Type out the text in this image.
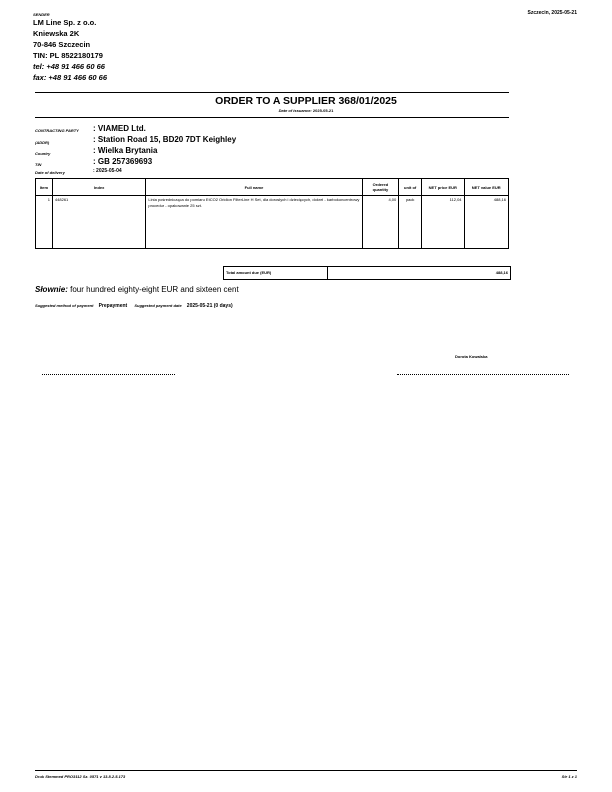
SENDER	Szczecin, 2025-05-21
LM Line Sp. z o.o.
Kniewska 2K
70-846 Szczecin
TIN: PL 8522180179
tel: +48 91 466 60 66
fax: +48 91 466 60 66
ORDER TO A SUPPLIER 368/01/2025
Date of issuance: 2025-05-21
CONTRACTING PARTY : VIAMED Ltd.
(ADDR)	: Station Road 15, BD20 7DT Keighley
Country	: Wielka Brytania
TIN	: GB 257369693
Date of delivery	: 2025-05-04
Item	Index	Full name	Ordered quantity	unit of	NET price EUR	NET value EUR
1	448261	Linia pośrednicząca do pomiaru EtCO2 Oridion FilterLine H Set, dla dorosłych i dziecięcych, dokrel - karbokoncentrowy procedur - opakowanie 25 szt.	4,00	pack	112,04	488,16
Total amount due (EUR)	488,16
Słownie: four hundred eighty-eight EUR and sixteen cent
Suggested method of payment Prepayment Suggested payment date 2025-05-21 (0 days)
Dorota Kowalska
Druk Stemmed PRO3112 Sz. 0571 v 13.8.2.5.173	Str 1 z 1
